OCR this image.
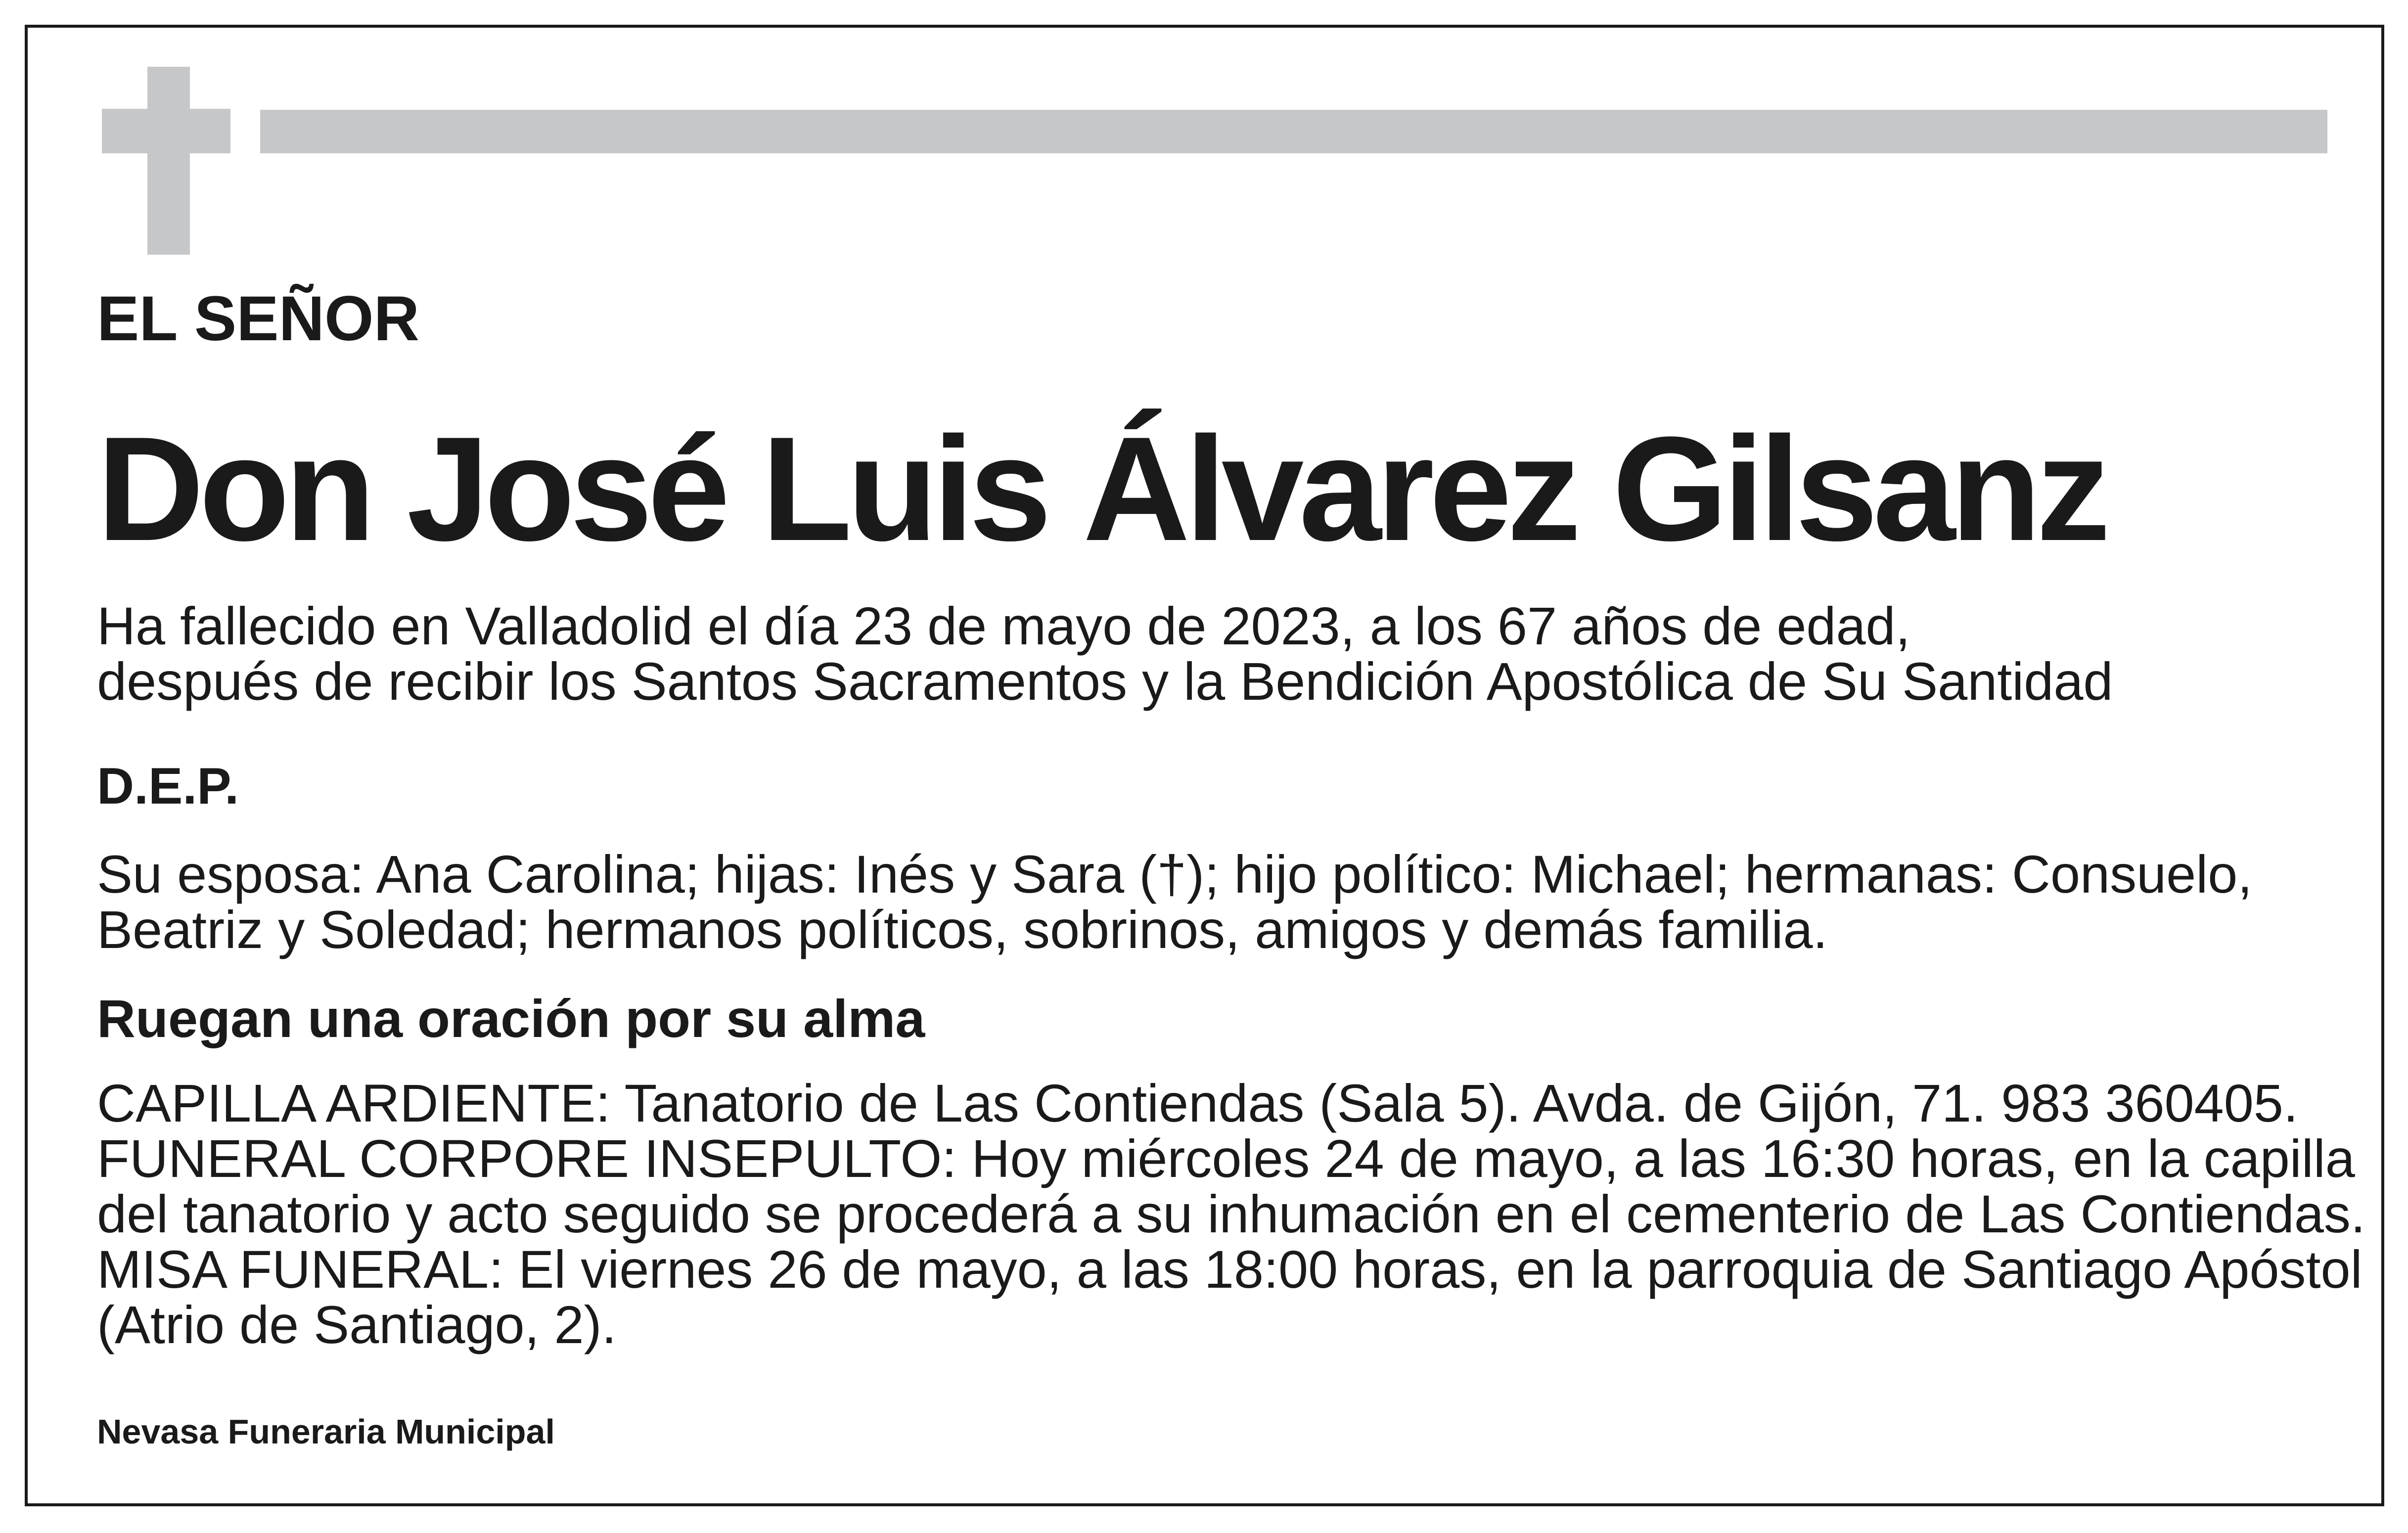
EL SEÑOR

Don José Luis Álvarez Gilsanz

Ha fallecido en Valladolid el día 23 de mayo de 2023, a los 67 años de edad,
después de recibir los Santos Sacramentos y la Bendición Apostólica de Su Santidad

D.E.P.

Su esposa: Ana Carolina; hijas: Inés y Sara (†); hijo político: Michael; hermanas: Consuelo,
Beatriz y Soledad; hermanos políticos, sobrinos, amigos y demás familia.

Ruegan una oración por su alma

CAPILLA ARDIENTE: Tanatorio de Las Contiendas (Sala 5). Avda. de Gijón, 71. 983 360405.
FUNERAL CORPORE INSEPULTO: Hoy miércoles 24 de mayo, a las 16:30 horas, en la capilla
del tanatorio y acto seguido se procederá a su inhumación en el cementerio de Las Contiendas.
MISA FUNERAL: El viernes 26 de mayo, a las 18:00 horas, en la parroquia de Santiago Apóstol
(Atrio de Santiago, 2).

Nevasa Funeraria Municipal
